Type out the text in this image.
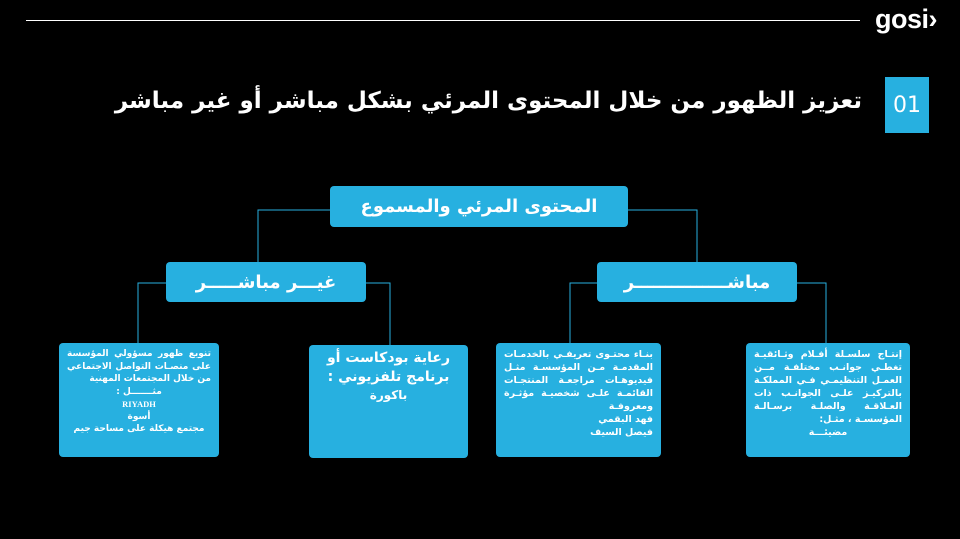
gosi›
01
تعزيز الظهور من خلال المحتوى المرئي بشكل مباشر أو غير مباشر
المحتوى المرئي والمسموع
غيـــر مباشـــــر	مباشـــــــــــــــر
تنويع ظهور مسؤولي المؤسسة على منصـات التواصل الاجتماعي من خلال المجتمعات المهنية
مثـــــــل :
RIYADH
أسوة
مجتمع هيكلة على مساحة جيم
رعاية بودكاست أو برنامج تلفزيوني :
باكورة
بنـاء محتـوى تعريفـي بالخدمـات المقدمـة مـن المؤسسـة مثـل فيديوهـات مراجعـة المنتجـات القائمـة علـى شخصيـة مؤثـرة ومعروفـة
فهد البقمي
فيصل السيف
إنتـاج سلسـلة أفـلام وثـائقيـة تغطـي جوانـب مختلفـة مــن العمـل التنظيمـي فـي المملكـة بالتركيـز علـى الجوانـب ذات العـلاقـة والصلـة برسـالـة المؤسسـة ، مثـل:
مضيئـــة
